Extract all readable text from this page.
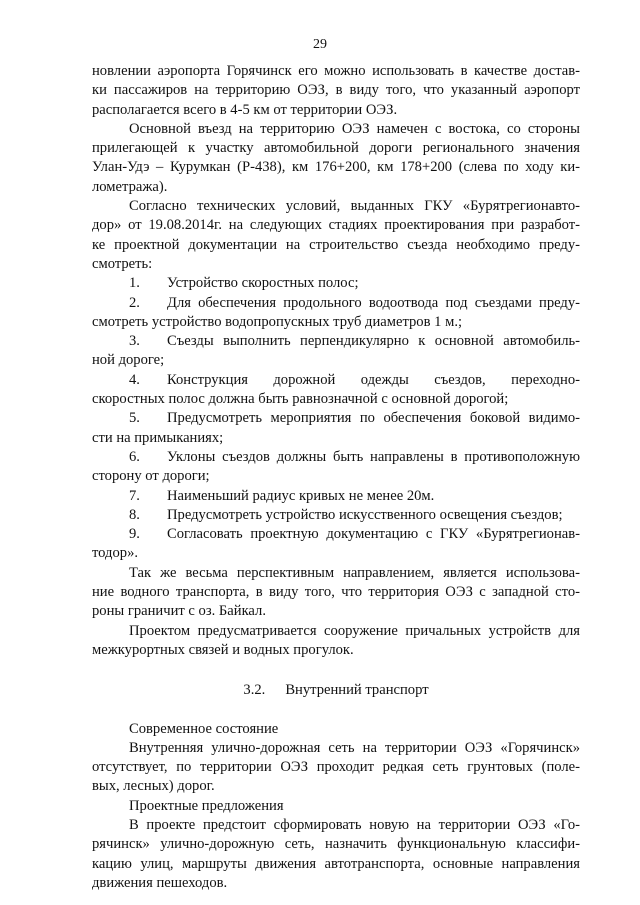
29

новлении аэропорта Горячинск его можно использовать в качестве достав-

ки пассажиров на территорию ОЭЗ, в виду того, что указанный аэропорт

располагается всего в 4-5 км от территории ОЭЗ.

Основной въезд на территорию ОЭЗ намечен с востока, со стороны

прилегающей к участку автомобильной дороги регионального значения

Улан-Удэ – Курумкан (Р-438), км 176+200, км 178+200 (слева по ходу ки-

лометража).

Согласно технических условий, выданных ГКУ «Бурятрегионавто-

дор» от 19.08.2014г. на следующих стадиях проектирования при разработ-

ке проектной документации на строительство съезда необходимо преду-

смотреть:

1.	Устройство скоростных полос;
2.	Для обеспечения продольного водоотвода под съездами преду-

смотреть устройство водопропускных труб диаметров 1 м.;

3.	Съезды выполнить перпендикулярно к основной автомобиль-

ной дороге;

4.	Конструкция дорожной одежды съездов, переходно-

скоростных полос должна быть равнозначной с основной дорогой;

5.	Предусмотреть мероприятия по обеспечения боковой видимо-

сти на примыканиях;

6.	Уклоны съездов должны быть направлены в противоположную

сторону от дороги;

7.	Наименьший радиус кривых не менее 20м.
8.	Предусмотреть устройство искусственного освещения съездов;
9.	Согласовать проектную документацию с ГКУ «Бурятрегионав-

тодор».

Так же весьма перспективным направлением, является использова-

ние водного транспорта, в виду того, что территория ОЭЗ с западной сто-

роны граничит с оз. Байкал.

Проектом предусматривается сооружение причальных устройств для

межкурортных связей и водных прогулок.

3.2. Внутренний транспорт

Современное состояние

Внутренняя улично-дорожная сеть на территории ОЭЗ «Горячинск»

отсутствует, по территории ОЭЗ проходит редкая сеть грунтовых (поле-

вых, лесных) дорог.

Проектные предложения

В проекте предстоит сформировать новую на территории ОЭЗ «Го-

рячинск» улично-дорожную сеть, назначить функциональную классифи-

кацию улиц, маршруты движения автотранспорта, основные направления

движения пешеходов.
